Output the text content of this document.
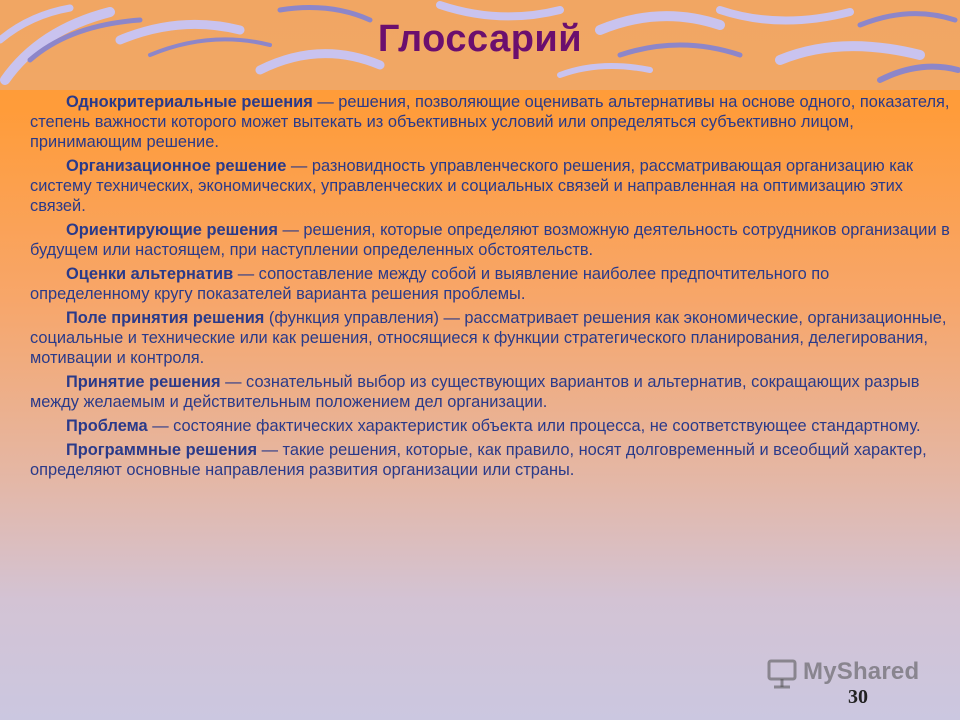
Глоссарий

Однокритериальные решения — решения, позволяющие оценивать альтернативы на основе одного, показателя, степень важности которого может вытекать из объективных условий или определяться субъективно лицом, принимающим решение.

Организационное решение — разновидность управленческого решения, рассматривающая организацию как систему технических, экономических, управленческих и социальных связей и направленная на оптимизацию этих связей.

Ориентирующие решения — решения, которые определяют возможную деятельность сотрудников организации в будущем или настоящем, при наступлении определенных обстоятельств.

Оценки альтернатив — сопоставление между собой и выявление наиболее предпочтительного по определенному кругу показателей варианта решения проблемы.

Поле принятия решения (функция управления) — рассматривает решения как экономические, организационные, социальные и технические или как решения, относящиеся к функции стратегического планирования, делегирования, мотивации и контроля.

Принятие решения — сознательный выбор из существующих вариантов и альтернатив, сокращающих разрыв между желаемым и действительным положением дел организации.

Проблема — состояние фактических характеристик объекта или процесса, не соответствующее стандартному.

Программные решения — такие решения, которые, как правило, носят долговременный и всеобщий характер, определяют основные направления развития организации или страны.

MyShared
30
